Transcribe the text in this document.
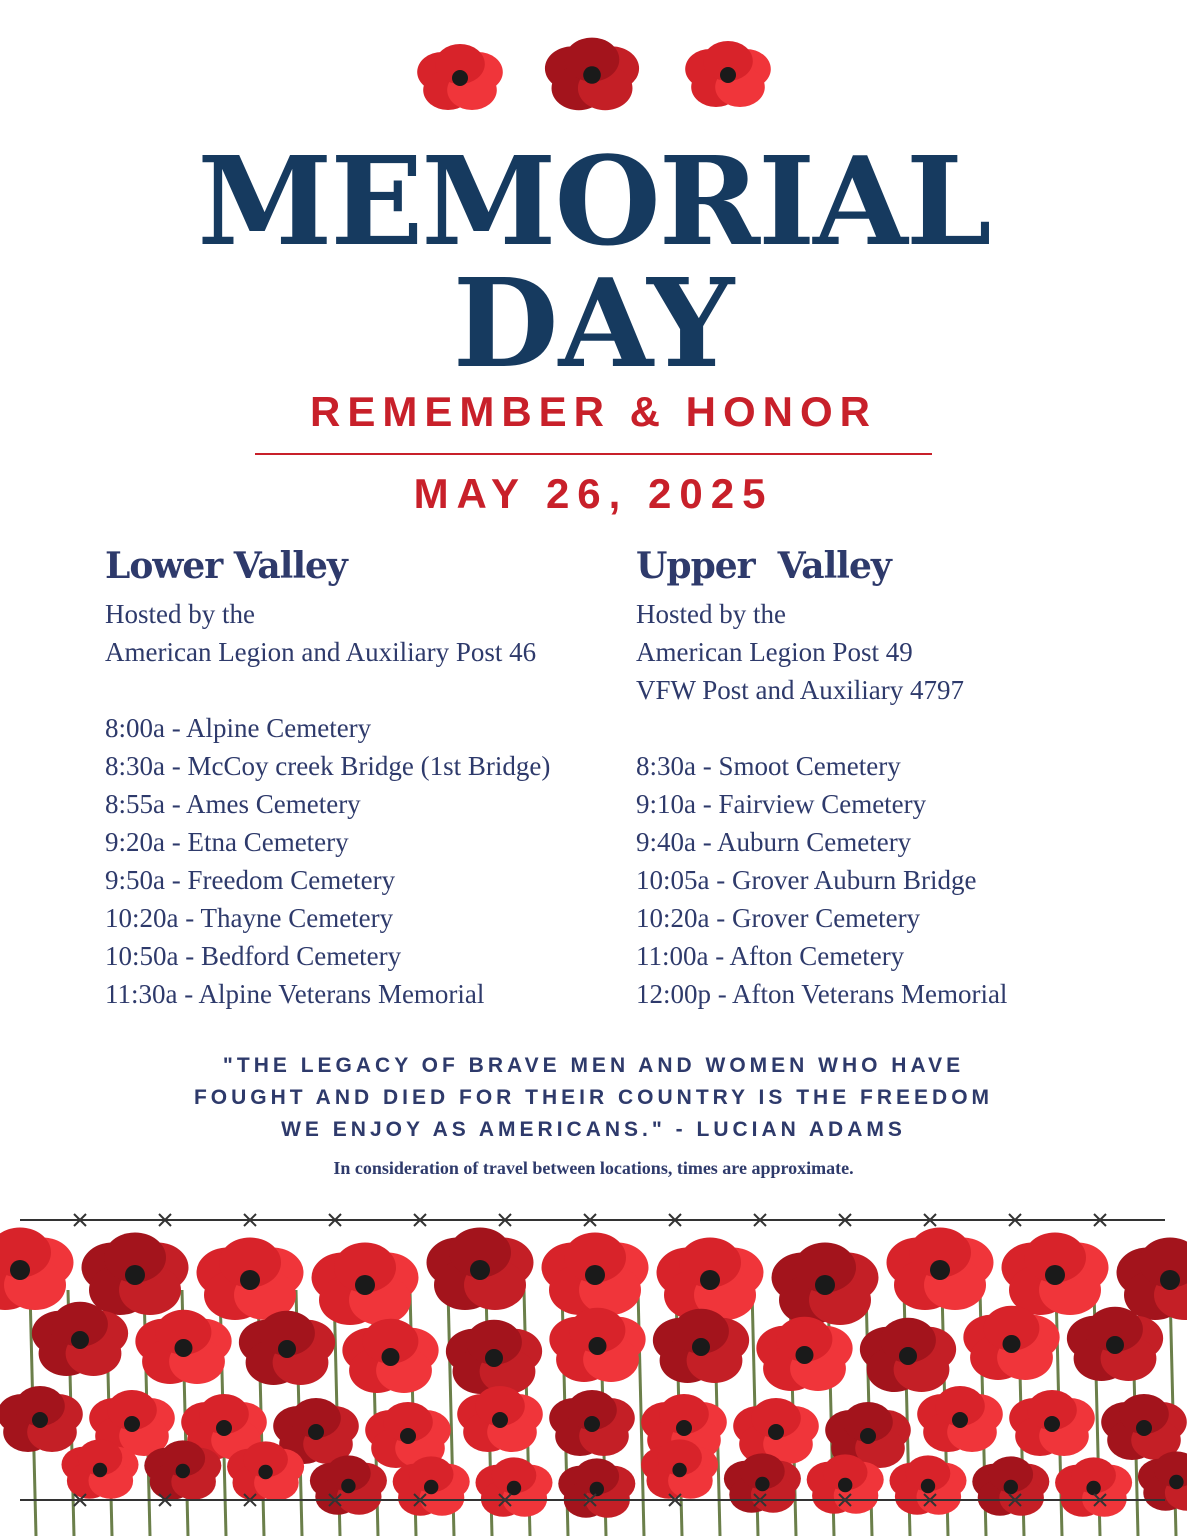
MEMORIAL
DAY
REMEMBER & HONOR
MAY 26, 2025
Lower Valley
Hosted by the
American Legion and Auxiliary Post 46

8:00a - Alpine Cemetery
8:30a - McCoy creek Bridge (1st Bridge)
8:55a - Ames Cemetery
9:20a - Etna Cemetery
9:50a - Freedom Cemetery
10:20a - Thayne Cemetery
10:50a - Bedford Cemetery
11:30a - Alpine Veterans Memorial
Upper  Valley
Hosted by the
American Legion Post 49
VFW Post and Auxiliary 4797

8:30a - Smoot Cemetery
9:10a - Fairview Cemetery
9:40a - Auburn Cemetery
10:05a - Grover Auburn Bridge
10:20a - Grover Cemetery
11:00a - Afton Cemetery
12:00p - Afton Veterans Memorial
"THE LEGACY OF BRAVE MEN AND WOMEN WHO HAVE
FOUGHT AND DIED FOR THEIR COUNTRY IS THE FREEDOM
WE ENJOY AS AMERICANS." - LUCIAN ADAMS
In consideration of travel between locations, times are approximate.
